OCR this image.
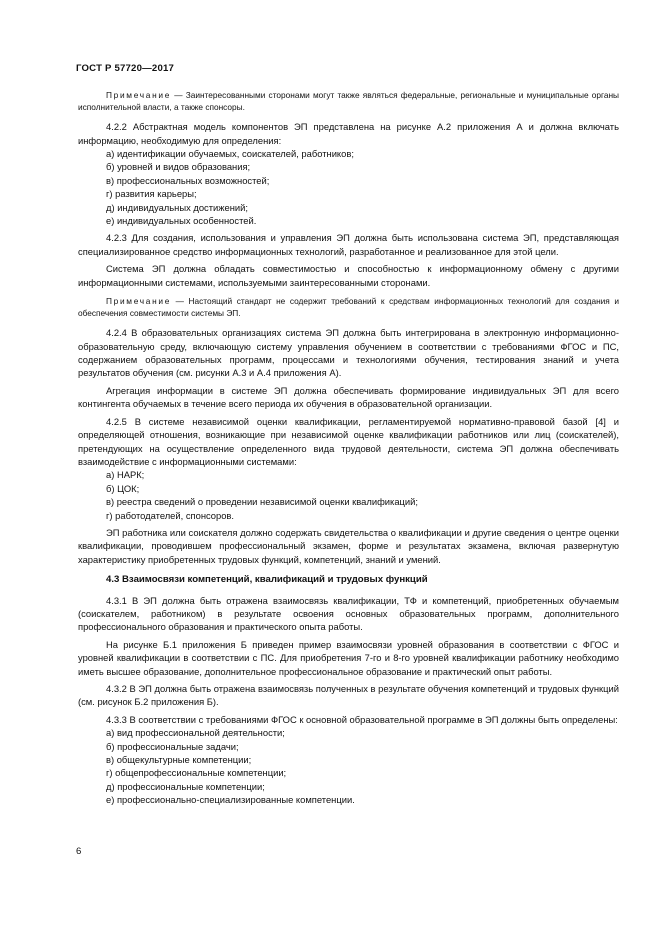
ГОСТ Р 57720—2017

Примечание — Заинтересованными сторонами могут также являться федеральные, региональные и муниципальные органы исполнительной власти, а также спонсоры.

4.2.2 Абстрактная модель компонентов ЭП представлена на рисунке А.2 приложения А и должна включать информацию, необходимую для определения:

а) идентификации обучаемых, соискателей, работников;

б) уровней и видов образования;

в) профессиональных возможностей;

г) развития карьеры;

д) индивидуальных достижений;

е) индивидуальных особенностей.

4.2.3 Для создания, использования и управления ЭП должна быть использована система ЭП, представляющая специализированное средство информационных технологий, разработанное и реализованное для этой цели.

Система ЭП должна обладать совместимостью и способностью к информационному обмену с другими информационными системами, используемыми заинтересованными сторонами.

Примечание — Настоящий стандарт не содержит требований к средствам информационных технологий для создания и обеспечения совместимости системы ЭП.

4.2.4 В образовательных организациях система ЭП должна быть интегрирована в электронную информационно-образовательную среду, включающую систему управления обучением в соответствии с требованиями ФГОС и ПС, содержанием образовательных программ, процессами и технологиями обучения, тестирования знаний и учета результатов обучения (см. рисунки А.3 и А.4 приложения А).

Агрегация информации в системе ЭП должна обеспечивать формирование индивидуальных ЭП для всего контингента обучаемых в течение всего периода их обучения в образовательной организации.

4.2.5 В системе независимой оценки квалификации, регламентируемой нормативно-правовой базой [4] и определяющей отношения, возникающие при независимой оценке квалификации работников или лиц (соискателей), претендующих на осуществление определенного вида трудовой деятельности, система ЭП должна обеспечивать взаимодействие с информационными системами:

а) НАРК;

б) ЦОК;

в) реестра сведений о проведении независимой оценки квалификаций;

г) работодателей, спонсоров.

ЭП работника или соискателя должно содержать свидетельства о квалификации и другие сведения о центре оценки квалификации, проводившем профессиональный экзамен, форме и результатах экзамена, включая развернутую характеристику приобретенных трудовых функций, компетенций, знаний и умений.

4.3 Взаимосвязи компетенций, квалификаций и трудовых функций

4.3.1 В ЭП должна быть отражена взаимосвязь квалификации, ТФ и компетенций, приобретенных обучаемым (соискателем, работником) в результате освоения основных образовательных программ, дополнительного профессионального образования и практического опыта работы.

На рисунке Б.1 приложения Б приведен пример взаимосвязи уровней образования в соответствии с ФГОС и уровней квалификации в соответствии с ПС. Для приобретения 7-го и 8-го уровней квалификации работнику необходимо иметь высшее образование, дополнительное профессиональное образование и практический опыт работы.

4.3.2 В ЭП должна быть отражена взаимосвязь полученных в результате обучения компетенций и трудовых функций (см. рисунок Б.2 приложения Б).

4.3.3 В соответствии с требованиями ФГОС к основной образовательной программе в ЭП должны быть определены:

а) вид профессиональной деятельности;

б) профессиональные задачи;

в) общекультурные компетенции;

г) общепрофессиональные компетенции;

д) профессиональные компетенции;

е) профессионально-специализированные компетенции.

6
